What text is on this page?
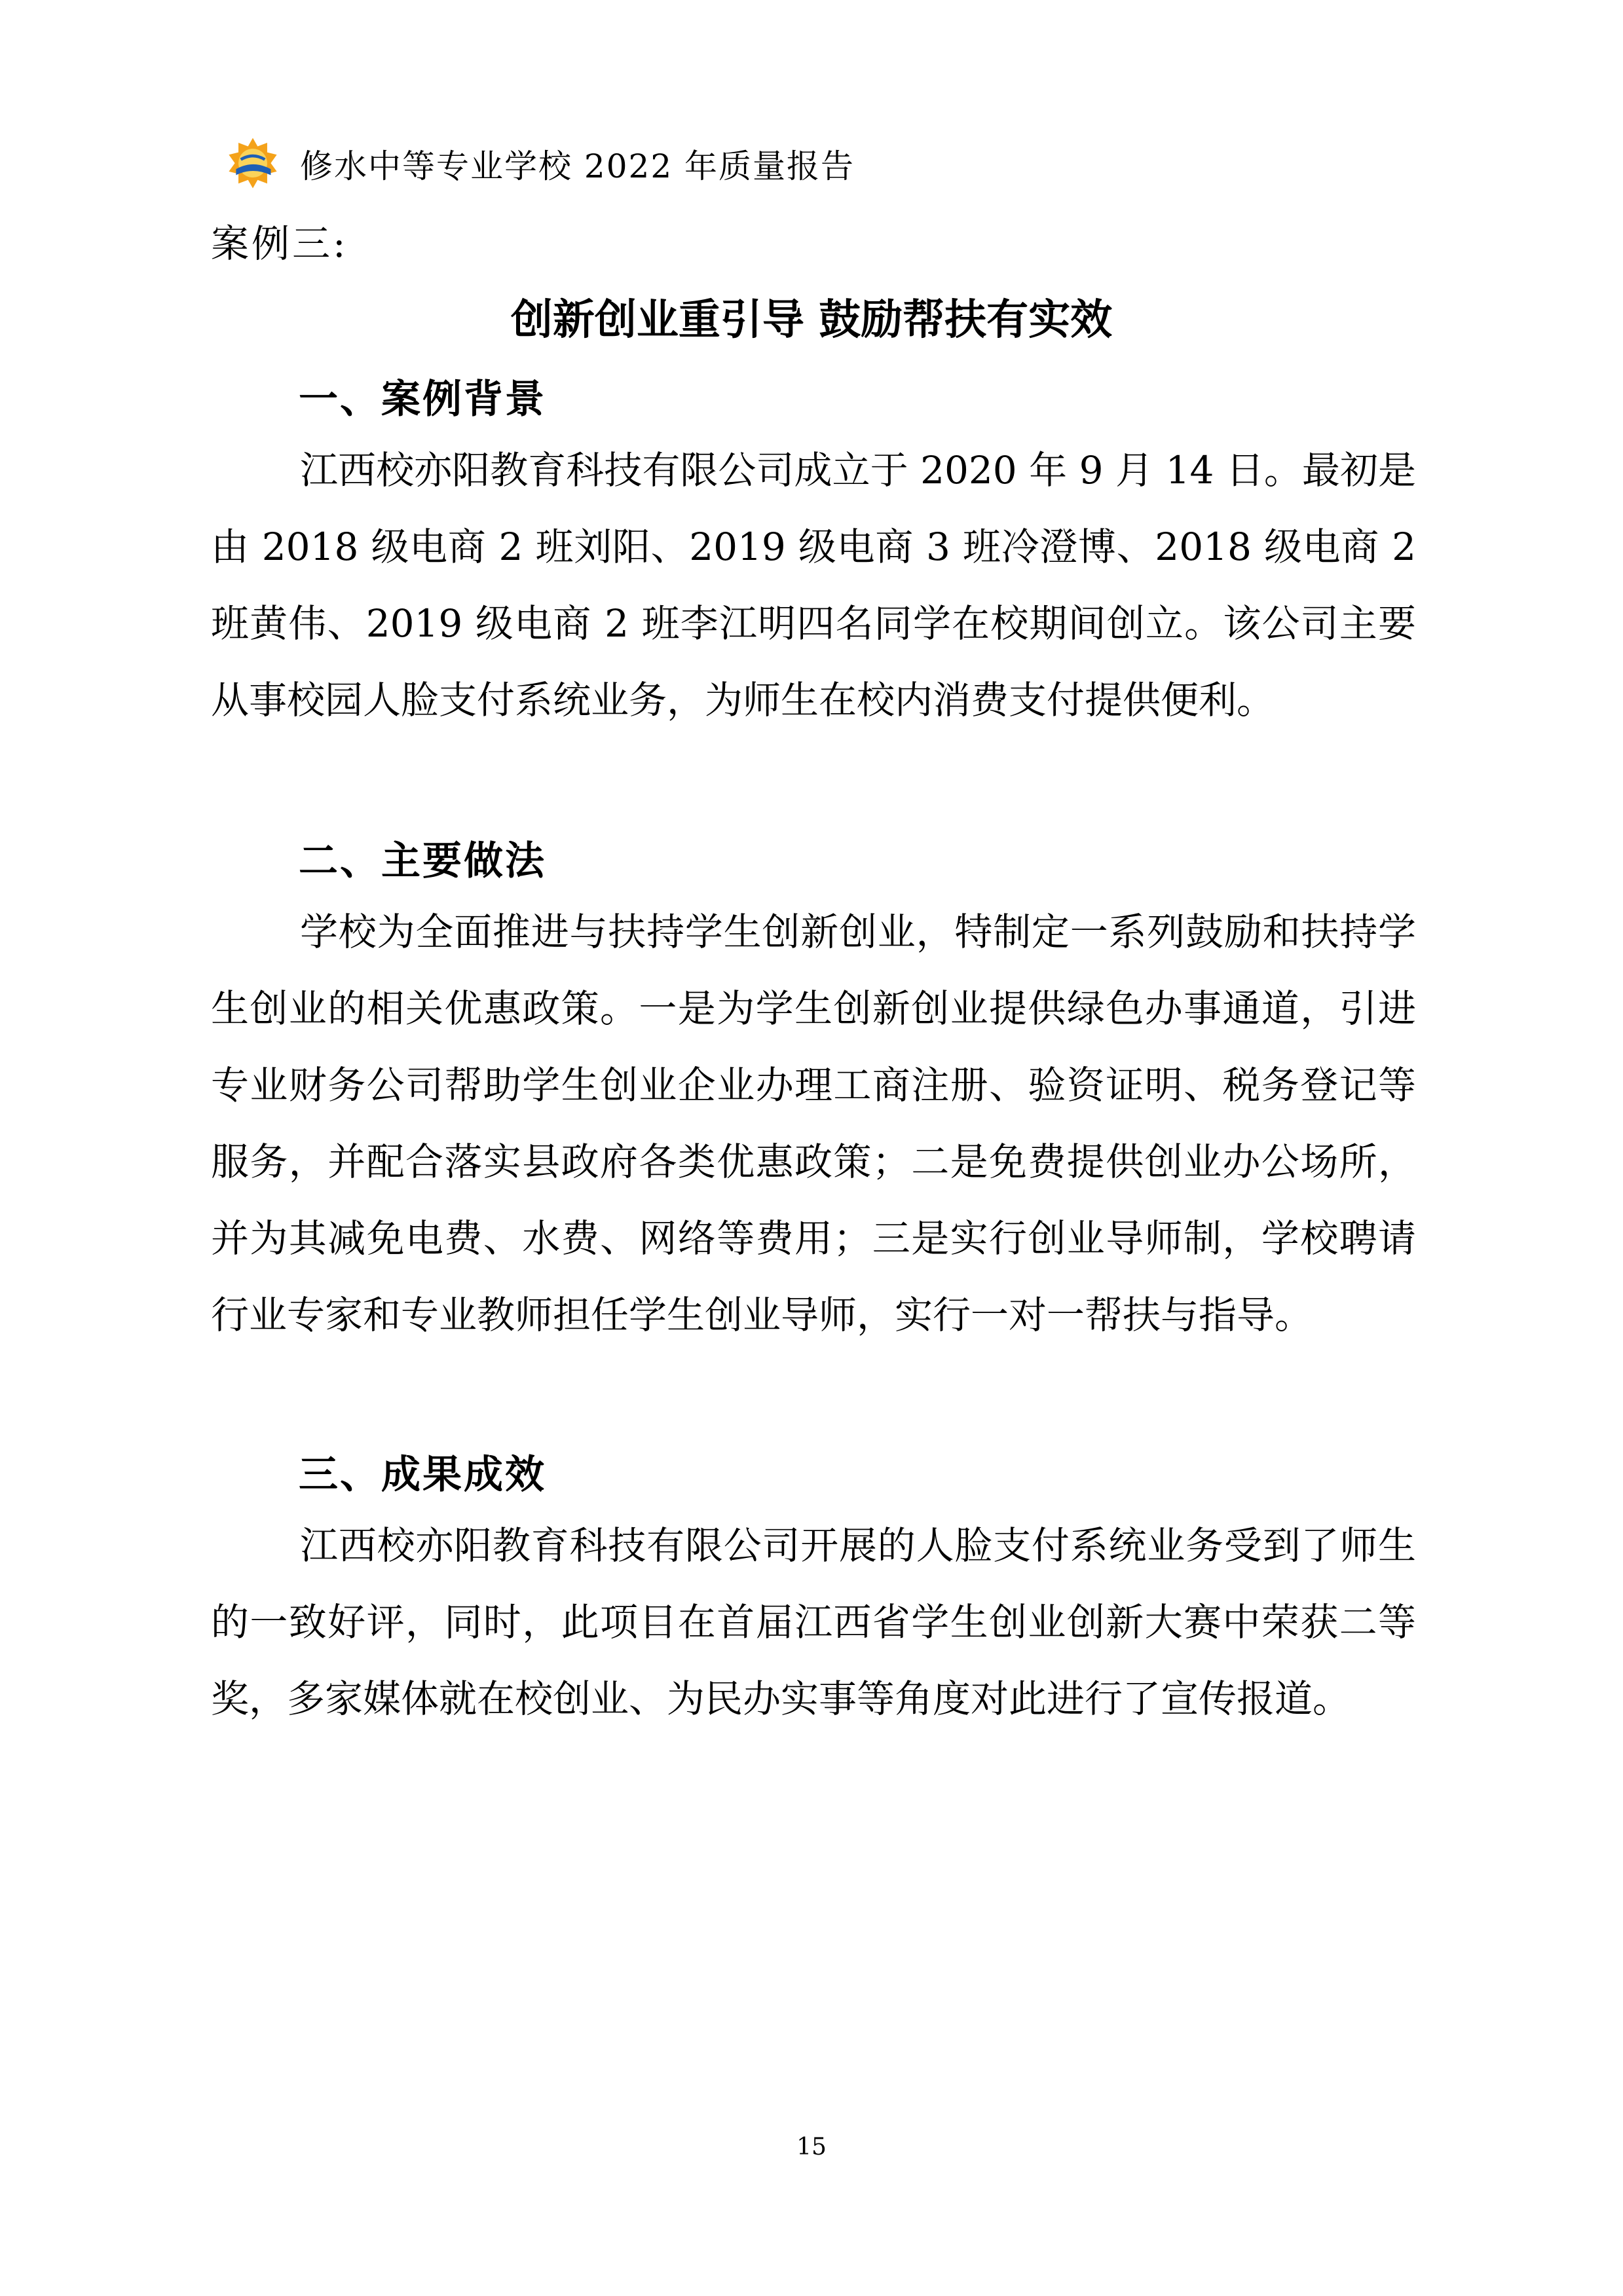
修水中等专业学校 2022 年质量报告
案例三:
创新创业重引导 鼓励帮扶有实效
一、案例背景

江西校亦阳教育科技有限公司成立于 2020 年 9 月 14 日。最初是由 2018 级电商 2 班刘阳、2019 级电商 3 班冷澄博、2018 级电商 2 班黄伟、2019 级电商 2 班李江明四名同学在校期间创立。该公司主要从事校园人脸支付系统业务，为师生在校内消费支付提供便利。

二、主要做法

学校为全面推进与扶持学生创新创业，特制定一系列鼓励和扶持学生创业的相关优惠政策。一是为学生创新创业提供绿色办事通道，引进专业财务公司帮助学生创业企业办理工商注册、验资证明、税务登记等服务，并配合落实县政府各类优惠政策；二是免费提供创业办公场所，并为其减免电费、水费、网络等费用；三是实行创业导师制，学校聘请行业专家和专业教师担任学生创业导师，实行一对一帮扶与指导。

三、成果成效

江西校亦阳教育科技有限公司开展的人脸支付系统业务受到了师生的一致好评，同时，此项目在首届江西省学生创业创新大赛中荣获二等奖，多家媒体就在校创业、为民办实事等角度对此进行了宣传报道。

15
